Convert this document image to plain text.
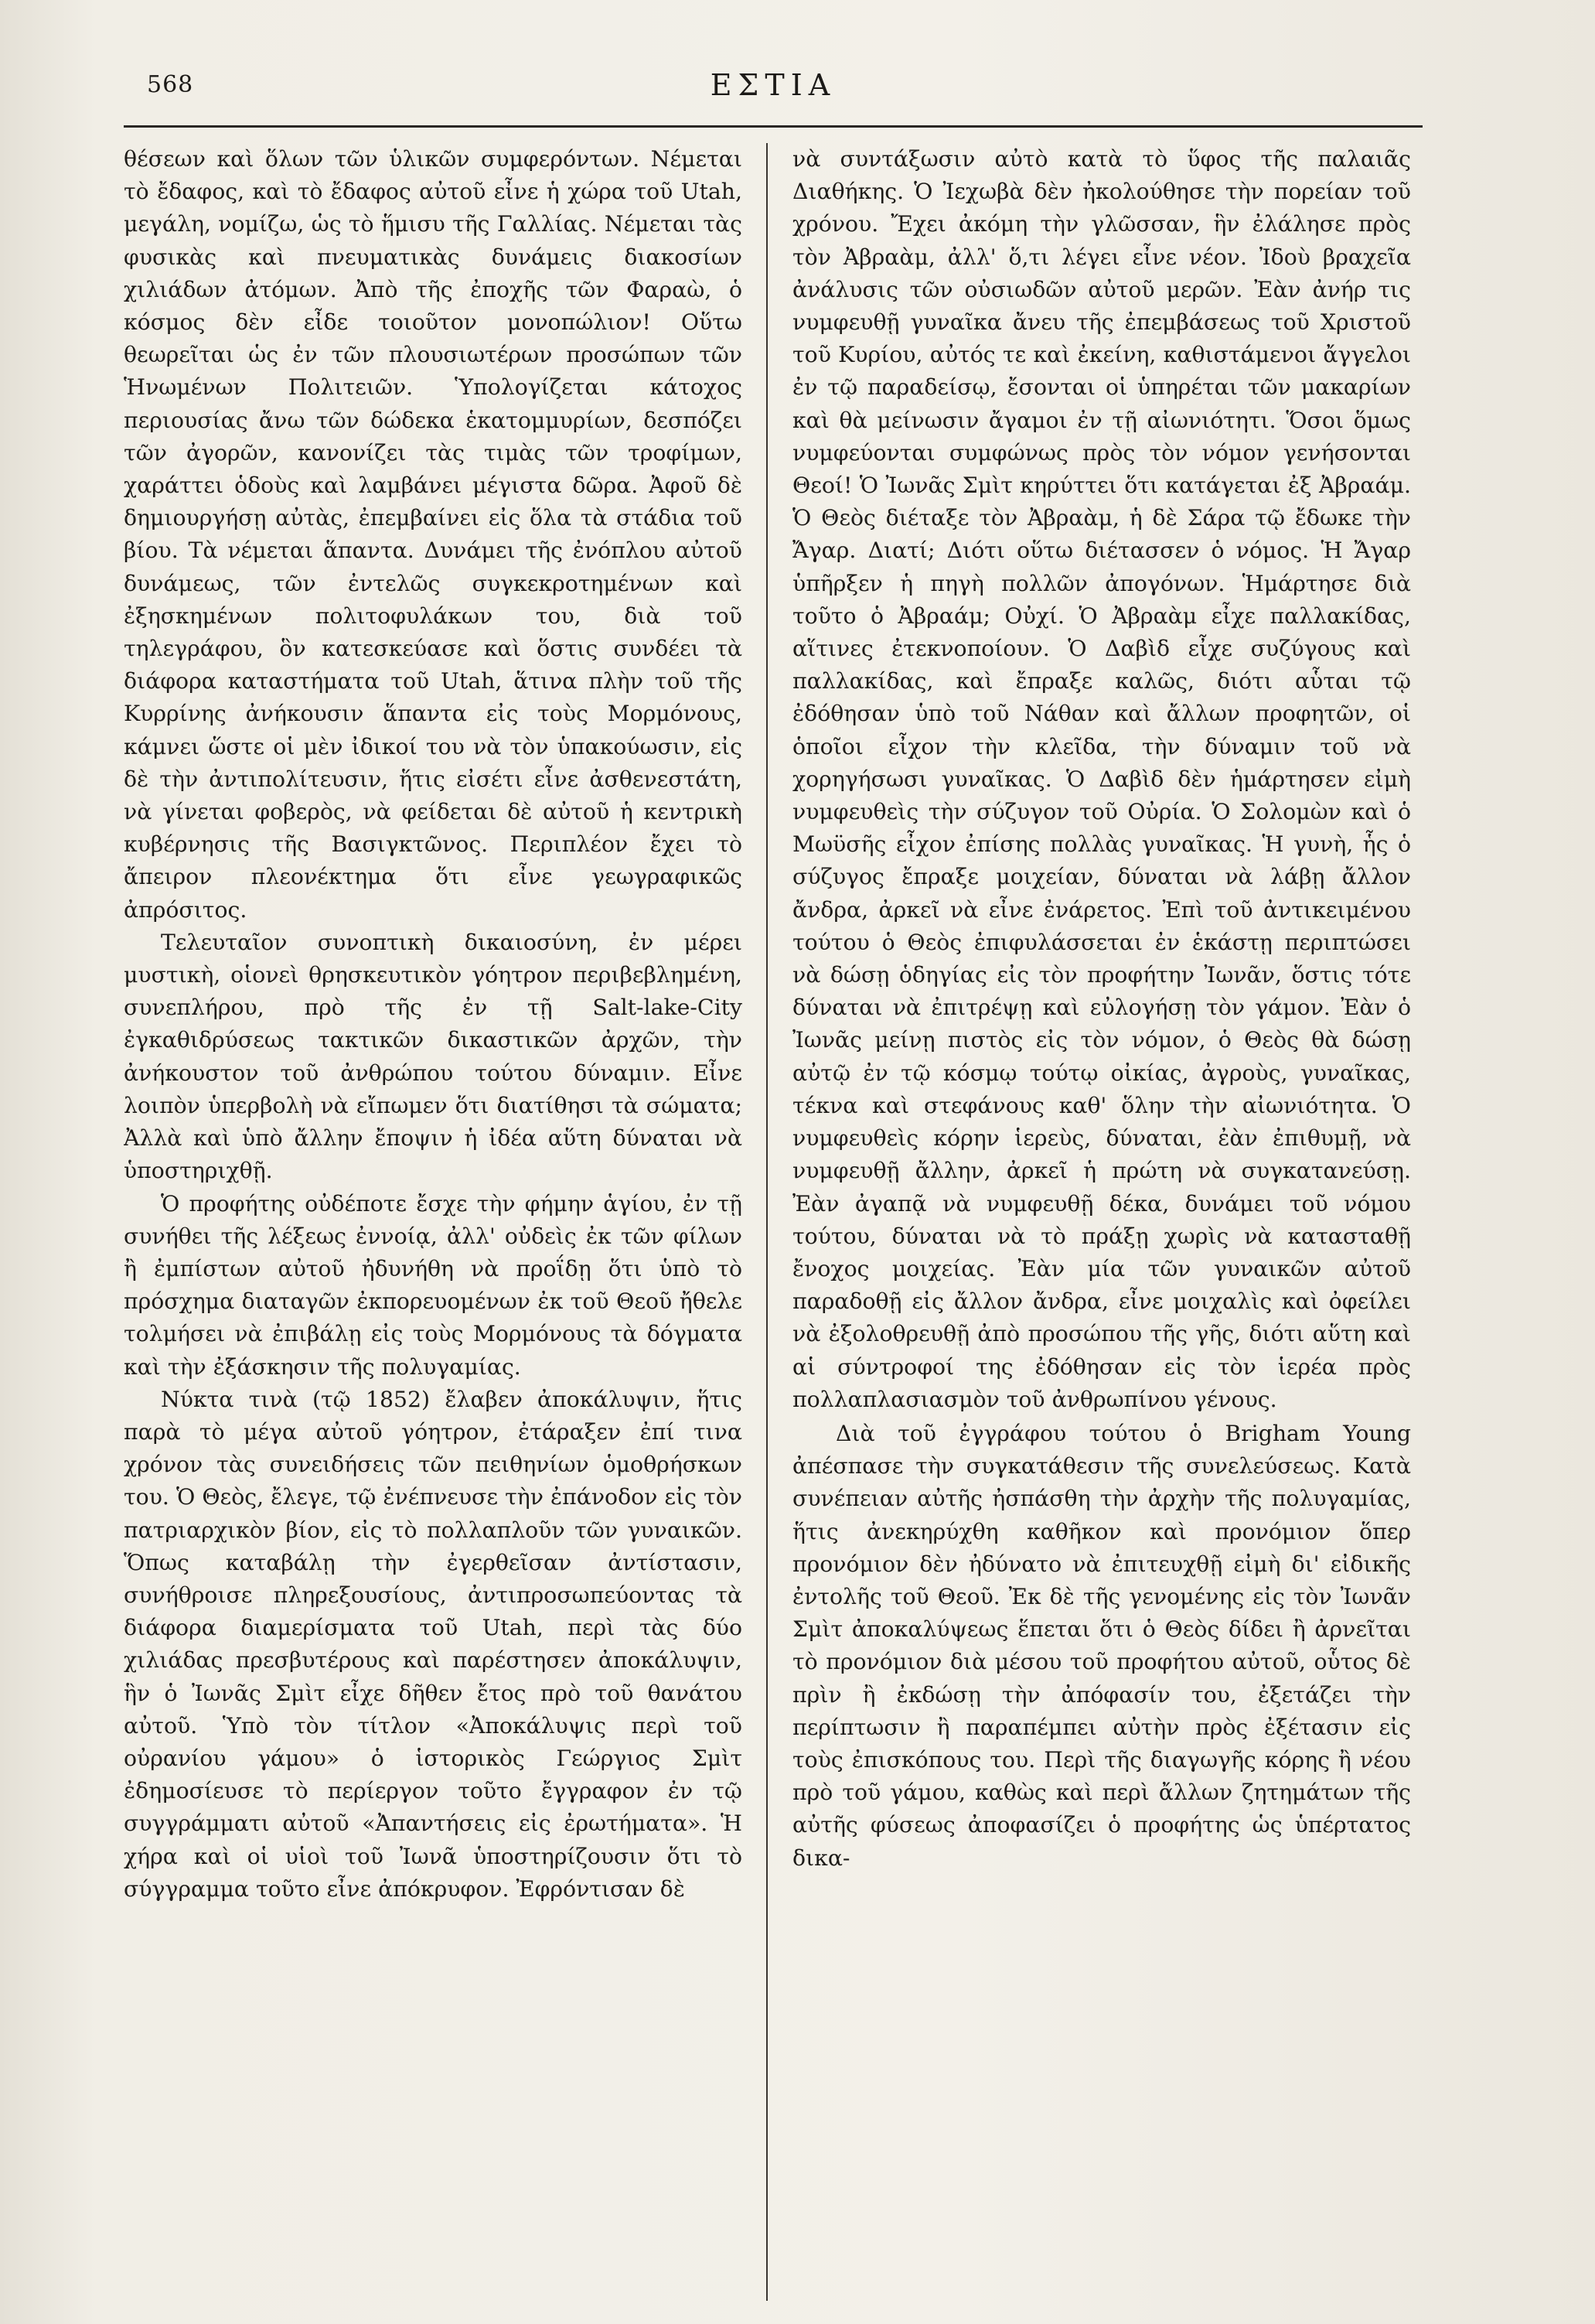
568	ΕΣΤΙΑ

θέσεων καὶ ὅλων τῶν ὑλικῶν συμφερόντων. Νέμεται τὸ ἔδαφος, καὶ τὸ ἔδαφος αὐτοῦ εἶνε ἡ χώρα τοῦ Utah, μεγάλη, νομίζω, ὡς τὸ ἥμισυ τῆς Γαλλίας. Νέμεται τὰς φυσικὰς καὶ πνευματικὰς δυνάμεις διακοσίων χιλιάδων ἀτόμων. Ἀπὸ τῆς ἐποχῆς τῶν Φαραὼ, ὁ κόσμος δὲν εἶδε τοιοῦτον μονοπώλιον! Οὕτω θεωρεῖται ὡς ἐν τῶν πλουσιωτέρων προσώπων τῶν Ἡνωμένων Πολιτειῶν. Ὑπολογίζεται κάτοχος περιουσίας ἄνω τῶν δώδεκα ἑκατομμυρίων, δεσπόζει τῶν ἀγορῶν, κανονίζει τὰς τιμὰς τῶν τροφίμων, χαράττει ὁδοὺς καὶ λαμβάνει μέγιστα δῶρα. Ἀφοῦ δὲ δημιουργήσῃ αὐτὰς, ἐπεμβαίνει εἰς ὅλα τὰ στάδια τοῦ βίου. Τὰ νέμεται ἅπαντα. Δυνάμει τῆς ἐνόπλου αὐτοῦ δυνάμεως, τῶν ἐντελῶς συγκεκροτημένων καὶ ἐξησκημένων πολιτοφυλάκων του, διὰ τοῦ τηλεγράφου, ὃν κατεσκεύασε καὶ ὅστις συνδέει τὰ διάφορα καταστήματα τοῦ Utah, ἅτινα πλὴν τοῦ τῆς Κυρρίνης ἀνήκουσιν ἅπαντα εἰς τοὺς Μορμόνους, κάμνει ὥστε οἱ μὲν ἰδικοί του νὰ τὸν ὑπακούωσιν, εἰς δὲ τὴν ἀντιπολίτευσιν, ἥτις εἰσέτι εἶνε ἀσθενεστάτη, νὰ γίνεται φοβερὸς, νὰ φείδεται δὲ αὐτοῦ ἡ κεντρικὴ κυβέρνησις τῆς Βασιγκτῶνος. Περιπλέον ἔχει τὸ ἄπειρον πλεονέκτημα ὅτι εἶνε γεωγραφικῶς ἀπρόσιτος.

Τελευταῖον συνοπτικὴ δικαιοσύνη, ἐν μέρει μυστικὴ, οἱονεὶ θρησκευτικὸν γόητρον περιβεβλημένη, συνεπλήρου, πρὸ τῆς ἐν τῇ Salt-lake-City ἐγκαθιδρύσεως τακτικῶν δικαστικῶν ἀρχῶν, τὴν ἀνήκουστον τοῦ ἀνθρώπου τούτου δύναμιν. Εἶνε λοιπὸν ὑπερβολὴ νὰ εἴπωμεν ὅτι διατίθησι τὰ σώματα; Ἀλλὰ καὶ ὑπὸ ἄλλην ἔποψιν ἡ ἰδέα αὕτη δύναται νὰ ὑποστηριχθῇ.

Ὁ προφήτης οὐδέποτε ἔσχε τὴν φήμην ἁγίου, ἐν τῇ συνήθει τῆς λέξεως ἐννοίᾳ, ἀλλ' οὐδεὶς ἐκ τῶν φίλων ἢ ἐμπίστων αὐτοῦ ἠδυνήθη νὰ προΐδῃ ὅτι ὑπὸ τὸ πρόσχημα διαταγῶν ἐκπορευομένων ἐκ τοῦ Θεοῦ ἤθελε τολμήσει νὰ ἐπιβάλῃ εἰς τοὺς Μορμόνους τὰ δόγματα καὶ τὴν ἐξάσκησιν τῆς πολυγαμίας.

Νύκτα τινὰ (τῷ 1852) ἔλαβεν ἀποκάλυψιν, ἥτις παρὰ τὸ μέγα αὐτοῦ γόητρον, ἐτάραξεν ἐπί τινα χρόνον τὰς συνειδήσεις τῶν πειθηνίων ὁμοθρήσκων του. Ὁ Θεὸς, ἔλεγε, τῷ ἐνέπνευσε τὴν ἐπάνοδον εἰς τὸν πατριαρχικὸν βίον, εἰς τὸ πολλαπλοῦν τῶν γυναικῶν. Ὅπως καταβάλῃ τὴν ἐγερθεῖσαν ἀντίστασιν, συνήθροισε πληρεξουσίους, ἀντιπροσωπεύοντας τὰ διάφορα διαμερίσματα τοῦ Utah, περὶ τὰς δύο χιλιάδας πρεσβυτέρους καὶ παρέστησεν ἀποκάλυψιν, ἣν ὁ Ἰωνᾶς Σμὶτ εἶχε δῆθεν ἔτος πρὸ τοῦ θανάτου αὐτοῦ. Ὑπὸ τὸν τίτλον «Ἀποκάλυψις περὶ τοῦ οὐρανίου γάμου» ὁ ἱστορικὸς Γεώργιος Σμὶτ ἐδημοσίευσε τὸ περίεργον τοῦτο ἔγγραφον ἐν τῷ συγγράμματι αὐτοῦ «Ἀπαντήσεις εἰς ἐρωτήματα». Ἡ χήρα καὶ οἱ υἱοὶ τοῦ Ἰωνᾶ ὑποστηρίζουσιν ὅτι τὸ σύγγραμμα τοῦτο εἶνε ἀπόκρυφον. Ἐφρόντισαν δὲ

νὰ συντάξωσιν αὐτὸ κατὰ τὸ ὕφος τῆς παλαιᾶς Διαθήκης. Ὁ Ἰεχωβὰ δὲν ἠκολούθησε τὴν πορείαν τοῦ χρόνου. Ἔχει ἀκόμη τὴν γλῶσσαν, ἣν ἐλάλησε πρὸς τὸν Ἀβραὰμ, ἀλλ' ὅ,τι λέγει εἶνε νέον. Ἰδοὺ βραχεῖα ἀνάλυσις τῶν οὐσιωδῶν αὐτοῦ μερῶν. Ἐὰν ἀνήρ τις νυμφευθῇ γυναῖκα ἄνευ τῆς ἐπεμβάσεως τοῦ Χριστοῦ τοῦ Κυρίου, αὐτός τε καὶ ἐκείνη, καθιστάμενοι ἄγγελοι ἐν τῷ παραδείσῳ, ἔσονται οἱ ὑπηρέται τῶν μακαρίων καὶ θὰ μείνωσιν ἄγαμοι ἐν τῇ αἰωνιότητι. Ὅσοι ὅμως νυμφεύονται συμφώνως πρὸς τὸν νόμον γενήσονται Θεοί! Ὁ Ἰωνᾶς Σμὶτ κηρύττει ὅτι κατάγεται ἐξ Ἀβραάμ. Ὁ Θεὸς διέταξε τὸν Ἀβραὰμ, ἡ δὲ Σάρα τῷ ἔδωκε τὴν Ἄγαρ. Διατί; Διότι οὕτω διέτασσεν ὁ νόμος. Ἡ Ἄγαρ ὑπῆρξεν ἡ πηγὴ πολλῶν ἀπογόνων. Ἡμάρτησε διὰ τοῦτο ὁ Ἀβραάμ; Οὐχί. Ὁ Ἀβραὰμ εἶχε παλλακίδας, αἵτινες ἐτεκνοποίουν. Ὁ Δαβὶδ εἶχε συζύγους καὶ παλλακίδας, καὶ ἔπραξε καλῶς, διότι αὗται τῷ ἐδόθησαν ὑπὸ τοῦ Νάθαν καὶ ἄλλων προφητῶν, οἱ ὁποῖοι εἶχον τὴν κλεῖδα, τὴν δύναμιν τοῦ νὰ χορηγήσωσι γυναῖκας. Ὁ Δαβὶδ δὲν ἡμάρτησεν εἰμὴ νυμφευθεὶς τὴν σύζυγον τοῦ Οὐρία. Ὁ Σολομὼν καὶ ὁ Μωϋσῆς εἶχον ἐπίσης πολλὰς γυναῖκας. Ἡ γυνὴ, ἧς ὁ σύζυγος ἔπραξε μοιχείαν, δύναται νὰ λάβῃ ἄλλον ἄνδρα, ἀρκεῖ νὰ εἶνε ἐνάρετος. Ἐπὶ τοῦ ἀντικειμένου τούτου ὁ Θεὸς ἐπιφυλάσσεται ἐν ἑκάστῃ περιπτώσει νὰ δώσῃ ὁδηγίας εἰς τὸν προφήτην Ἰωνᾶν, ὅστις τότε δύναται νὰ ἐπιτρέψῃ καὶ εὐλογήσῃ τὸν γάμον. Ἐὰν ὁ Ἰωνᾶς μείνῃ πιστὸς εἰς τὸν νόμον, ὁ Θεὸς θὰ δώσῃ αὐτῷ ἐν τῷ κόσμῳ τούτῳ οἰκίας, ἀγροὺς, γυναῖκας, τέκνα καὶ στεφάνους καθ' ὅλην τὴν αἰωνιότητα. Ὁ νυμφευθεὶς κόρην ἱερεὺς, δύναται, ἐὰν ἐπιθυμῇ, νὰ νυμφευθῇ ἄλλην, ἀρκεῖ ἡ πρώτη νὰ συγκατανεύσῃ. Ἐὰν ἀγαπᾷ νὰ νυμφευθῇ δέκα, δυνάμει τοῦ νόμου τούτου, δύναται νὰ τὸ πράξῃ χωρὶς νὰ κατασταθῇ ἔνοχος μοιχείας. Ἐὰν μία τῶν γυναικῶν αὐτοῦ παραδοθῇ εἰς ἄλλον ἄνδρα, εἶνε μοιχαλὶς καὶ ὀφείλει νὰ ἐξολοθρευθῇ ἀπὸ προσώπου τῆς γῆς, διότι αὕτη καὶ αἱ σύντροφοί της ἐδόθησαν εἰς τὸν ἱερέα πρὸς πολλαπλασιασμὸν τοῦ ἀνθρωπίνου γένους.

Διὰ τοῦ ἐγγράφου τούτου ὁ Brigham Young ἀπέσπασε τὴν συγκατάθεσιν τῆς συνελεύσεως. Κατὰ συνέπειαν αὐτῆς ἠσπάσθη τὴν ἀρχὴν τῆς πολυγαμίας, ἥτις ἀνεκηρύχθη καθῆκον καὶ προνόμιον ὅπερ προνόμιον δὲν ἠδύνατο νὰ ἐπιτευχθῇ εἰμὴ δι' εἰδικῆς ἐντολῆς τοῦ Θεοῦ. Ἐκ δὲ τῆς γενομένης εἰς τὸν Ἰωνᾶν Σμὶτ ἀποκαλύψεως ἕπεται ὅτι ὁ Θεὸς δίδει ἢ ἀρνεῖται τὸ προνόμιον διὰ μέσου τοῦ προφήτου αὐτοῦ, οὗτος δὲ πρὶν ἢ ἐκδώσῃ τὴν ἀπόφασίν του, ἐξετάζει τὴν περίπτωσιν ἢ παραπέμπει αὐτὴν πρὸς ἐξέτασιν εἰς τοὺς ἐπισκόπους του. Περὶ τῆς διαγωγῆς κόρης ἢ νέου πρὸ τοῦ γάμου, καθὼς καὶ περὶ ἄλλων ζητημάτων τῆς αὐτῆς φύσεως ἀποφασίζει ὁ προφήτης ὡς ὑπέρτατος δικα-
